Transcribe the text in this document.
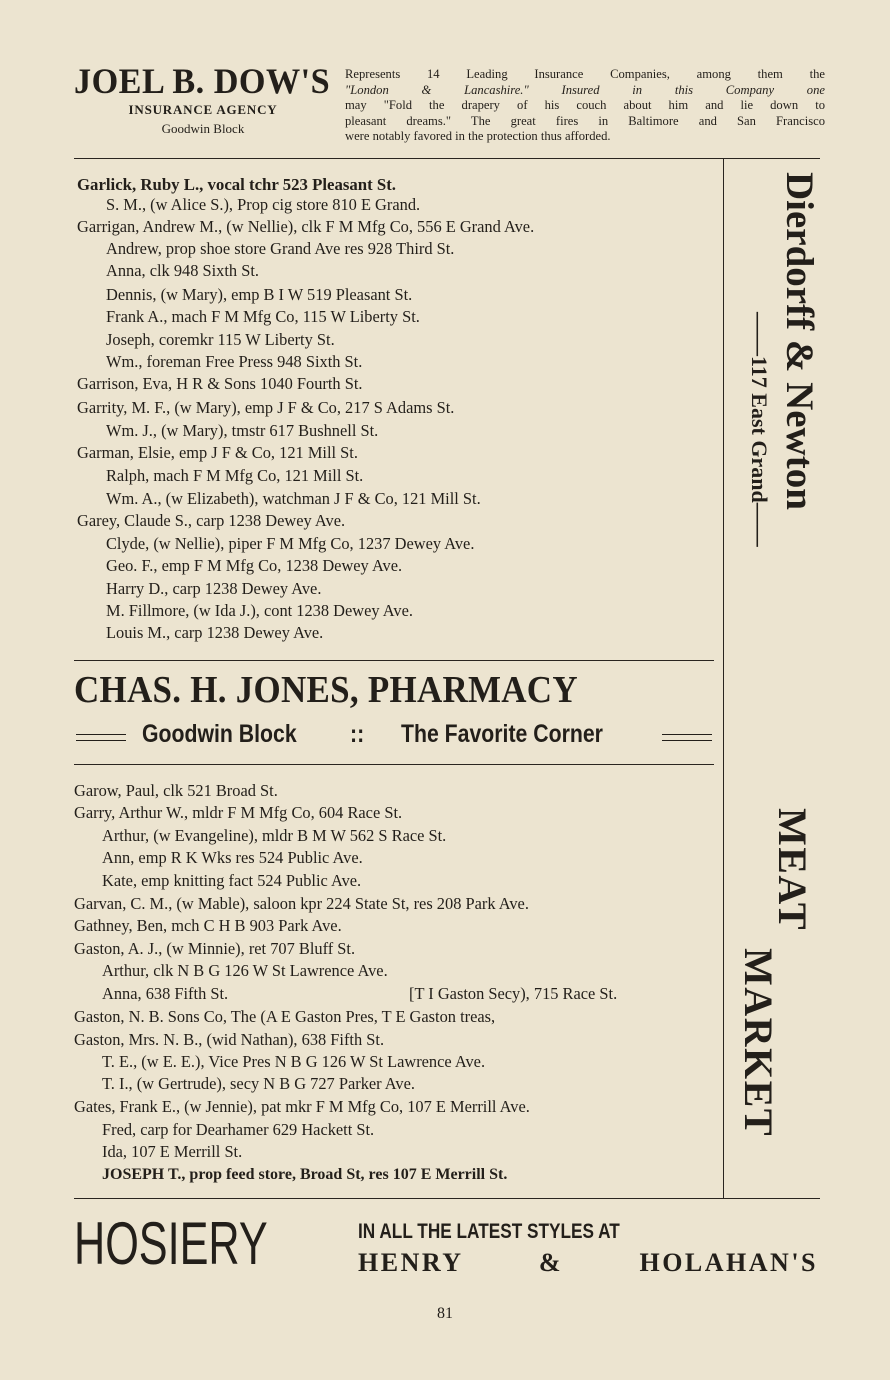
JOEL B. DOW'S
INSURANCE AGENCY
Goodwin Block
Represents 14 Leading Insurance Companies, among them the
"London & Lancashire." Insured in this Company one
may "Fold the drapery of his couch about him and lie down to
pleasant dreams." The great fires in Baltimore and San Francisco
were notably favored in the protection thus afforded.
Garlick, Ruby L., vocal tchr 523 Pleasant St.
S. M., (w Alice S.), Prop cig store 810 E Grand.
Garrigan, Andrew M., (w Nellie), clk F M Mfg Co, 556 E Grand Ave.
Andrew, prop shoe store Grand Ave res 928 Third St.
Anna, clk 948 Sixth St.
Dennis, (w Mary), emp B I W 519 Pleasant St.
Frank A., mach F M Mfg Co, 115 W Liberty St.
Joseph, coremkr 115 W Liberty St.
Wm., foreman Free Press 948 Sixth St.
Garrison, Eva, H R & Sons 1040 Fourth St.
Garrity, M. F., (w Mary), emp J F & Co, 217 S Adams St.
Wm. J., (w Mary), tmstr 617 Bushnell St.
Garman, Elsie, emp J F & Co, 121 Mill St.
Ralph, mach F M Mfg Co, 121 Mill St.
Wm. A., (w Elizabeth), watchman J F & Co, 121 Mill St.
Garey, Claude S., carp 1238 Dewey Ave.
Clyde, (w Nellie), piper F M Mfg Co, 1237 Dewey Ave.
Geo. F., emp F M Mfg Co, 1238 Dewey Ave.
Harry D., carp 1238 Dewey Ave.
M. Fillmore, (w Ida J.), cont 1238 Dewey Ave.
Louis M., carp 1238 Dewey Ave.
CHAS. H. JONES, PHARMACY
Goodwin Block :: The Favorite Corner
Garow, Paul, clk 521 Broad St.
Garry, Arthur W., mldr F M Mfg Co, 604 Race St.
Arthur, (w Evangeline), mldr B M W 562 S Race St.
Ann, emp R K Wks res 524 Public Ave.
Kate, emp knitting fact 524 Public Ave.
Garvan, C. M., (w Mable), saloon kpr 224 State St, res 208 Park Ave.
Gathney, Ben, mch C H B 903 Park Ave.
Gaston, A. J., (w Minnie), ret 707 Bluff St.
Arthur, clk N B G 126 W St Lawrence Ave.
Anna, 638 Fifth St.	[T I Gaston Secy), 715 Race St.
Gaston, N. B. Sons Co, The (A E Gaston Pres, T E Gaston treas,
Gaston, Mrs. N. B., (wid Nathan), 638 Fifth St.
T. E., (w E. E.), Vice Pres N B G 126 W St Lawrence Ave.
T. I., (w Gertrude), secy N B G 727 Parker Ave.
Gates, Frank E., (w Jennie), pat mkr F M Mfg Co, 107 E Merrill Ave.
Fred, carp for Dearhamer 629 Hackett St.
Ida, 107 E Merrill St.
JOSEPH T., prop feed store, Broad St, res 107 E Merrill St.
Dierdorff & Newton
——117 East Grand——
MEAT
MARKET
HOSIERY	IN ALL THE LATEST STYLES AT
HENRY & HOLAHAN'S
81
